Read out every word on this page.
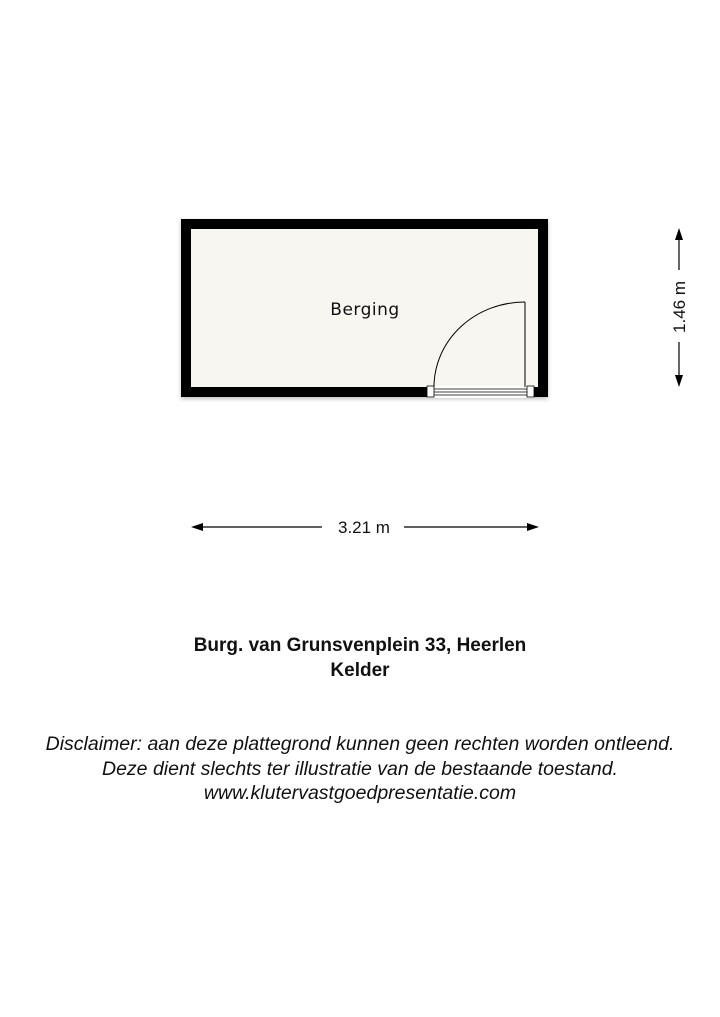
Berging	1.46 m
3.21 m
Burg. van Grunsvenplein 33, Heerlen
Kelder
Disclaimer: aan deze plattegrond kunnen geen rechten worden ontleend.
Deze dient slechts ter illustratie van de bestaande toestand.
www.klutervastgoedpresentatie.com
